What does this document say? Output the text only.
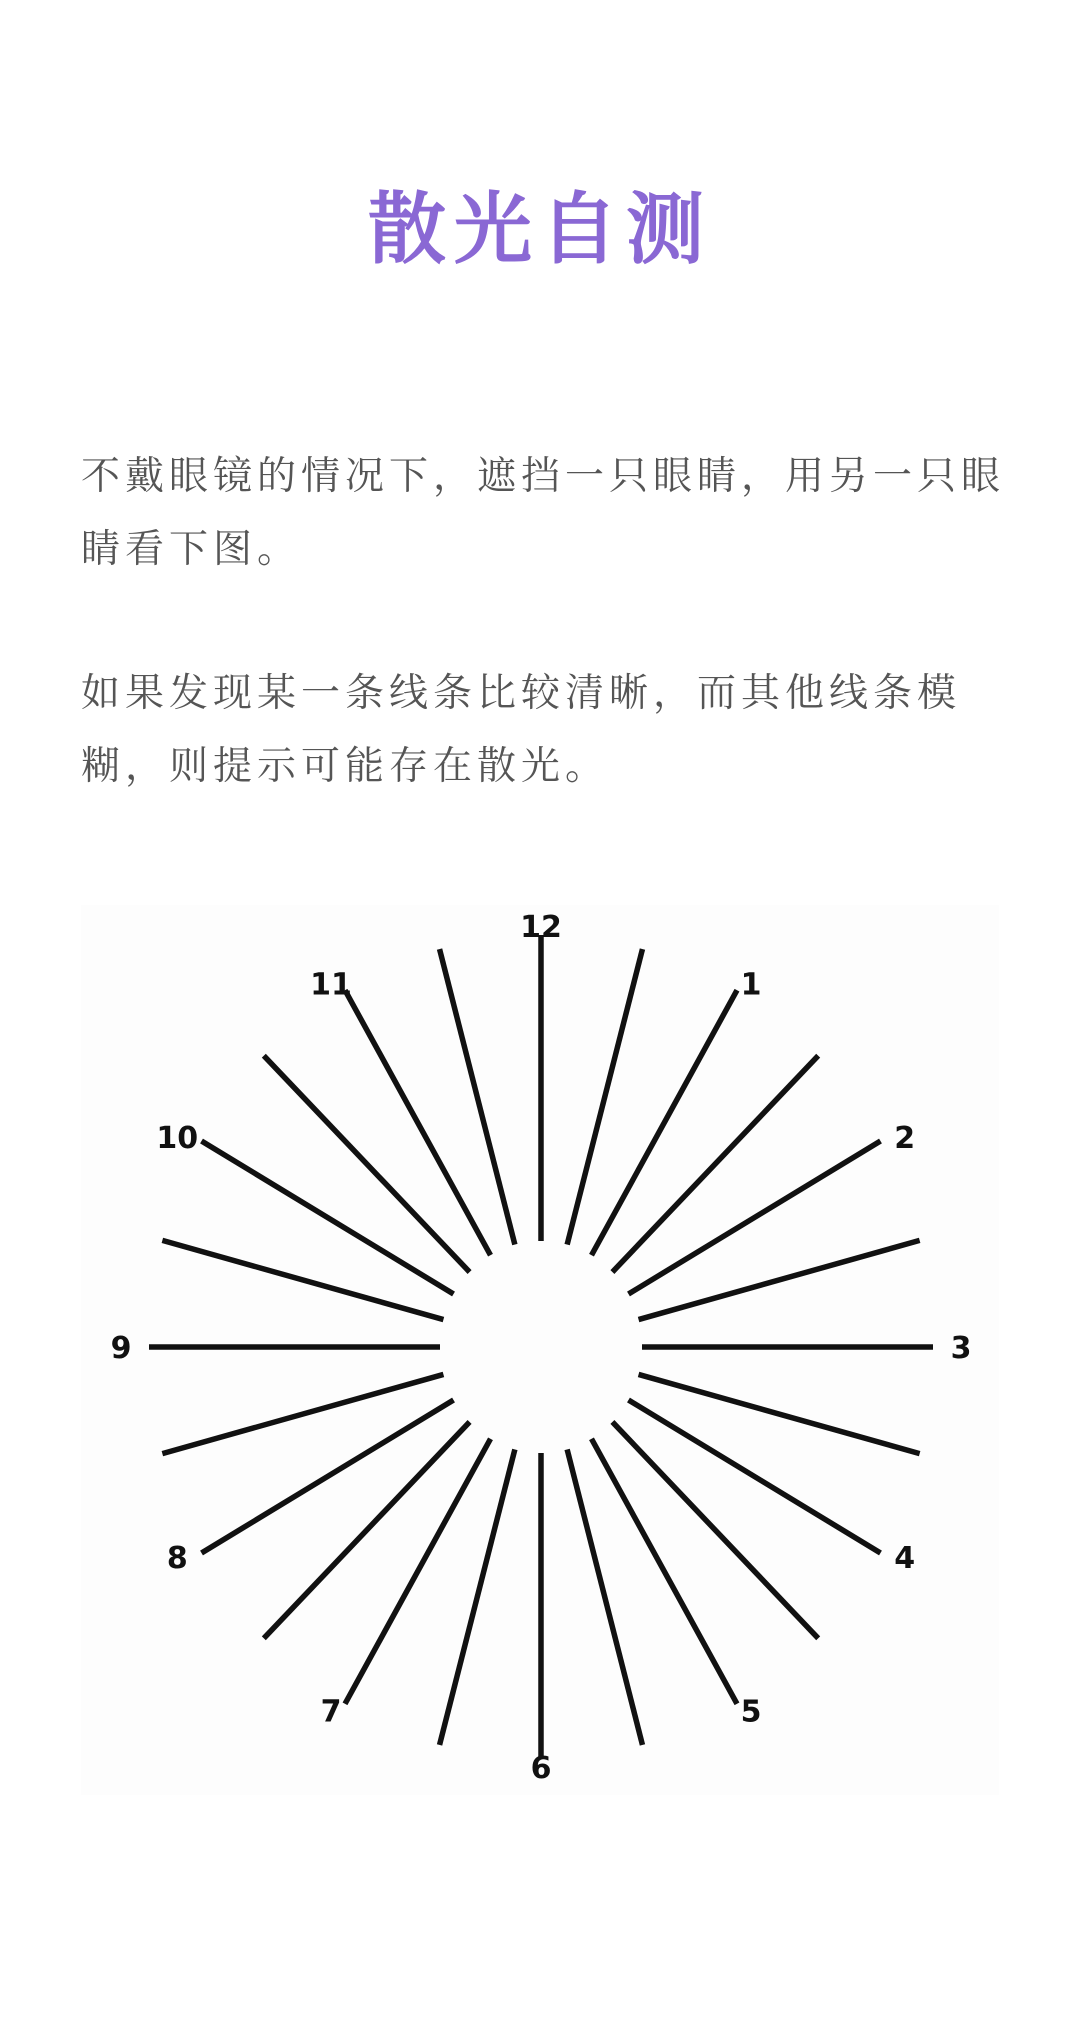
散光自测
不戴眼镜的情况下，遮挡一只眼睛，用另一只眼睛看下图。
如果发现某一条线条比较清晰，而其他线条模糊，则提示可能存在散光。
12
1
2
3
4
5
6
7
8
9
10
11
